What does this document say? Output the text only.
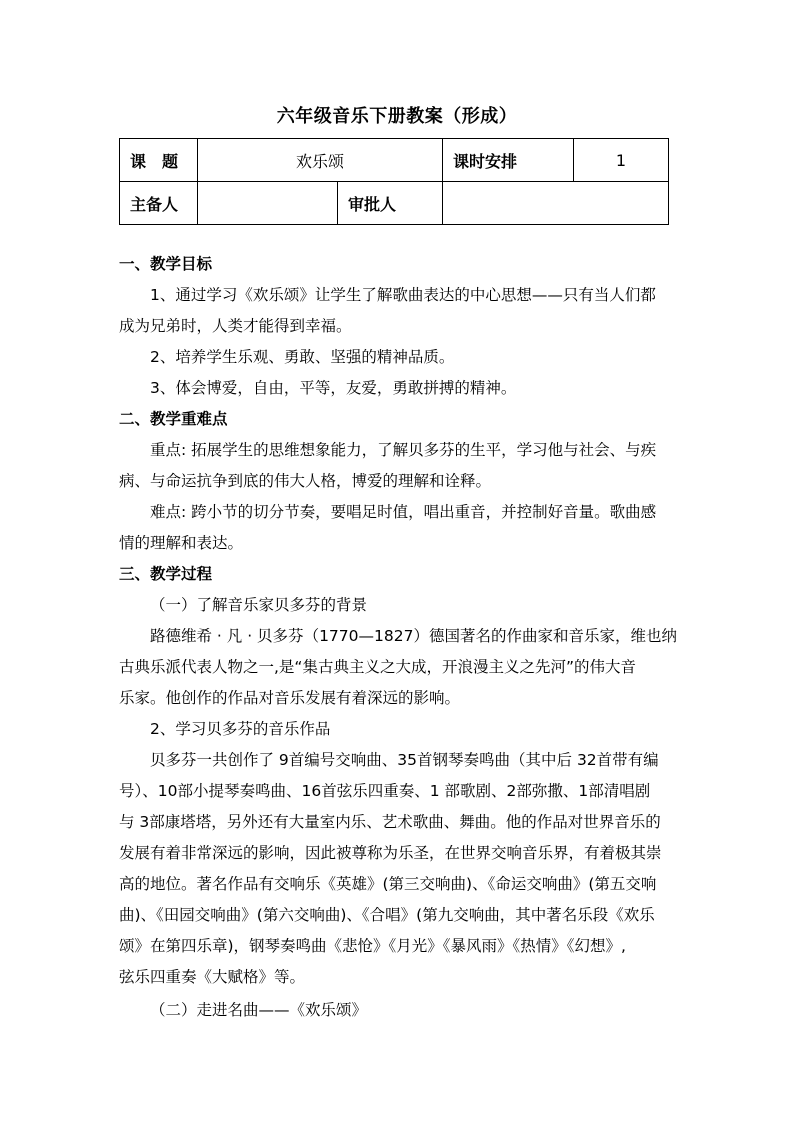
六年级音乐下册教案（形成）
课　题	欢乐颂		课时安排	1
主备人		审批人		
一、教学目标
1、通过学习《欢乐颂》让学生了解歌曲表达的中心思想——只有当人们都
成为兄弟时，人类才能得到幸福。
2、培养学生乐观、勇敢、坚强的精神品质。
3、体会博爱，自由，平等，友爱，勇敢拼搏的精神。
二、教学重难点
重点: 拓展学生的思维想象能力，了解贝多芬的生平，学习他与社会、与疾
病、与命运抗争到底的伟大人格，博爱的理解和诠释。
难点: 跨小节的切分节奏，要唱足时值，唱出重音，并控制好音量。歌曲感
情的理解和表达。
三、教学过程
（一）了解音乐家贝多芬的背景
路德维希 · 凡 · 贝多芬（1770—1827）德国著名的作曲家和音乐家，维也纳
古典乐派代表人物之一,是“集古典主义之大成，开浪漫主义之先河”的伟大音
乐家。他创作的作品对音乐发展有着深远的影响。
2、学习贝多芬的音乐作品
贝多芬一共创作了 9首编号交响曲、35首钢琴奏鸣曲（其中后 32首带有编
号）、10部小提琴奏鸣曲、16首弦乐四重奏、1 部歌剧、2部弥撒、1部清唱剧
与 3部康塔塔，另外还有大量室内乐、艺术歌曲、舞曲。他的作品对世界音乐的
发展有着非常深远的影响，因此被尊称为乐圣，在世界交响音乐界，有着极其崇
高的地位。著名作品有交响乐《英雄》(第三交响曲)、《命运交响曲》(第五交响
曲)、《田园交响曲》(第六交响曲)、《合唱》(第九交响曲，其中著名乐段《欢乐
颂》在第四乐章)，钢琴奏鸣曲《悲怆》《月光》《暴风雨》《热情》《幻想》,
弦乐四重奏《大赋格》等。
（二）走进名曲——《欢乐颂》
